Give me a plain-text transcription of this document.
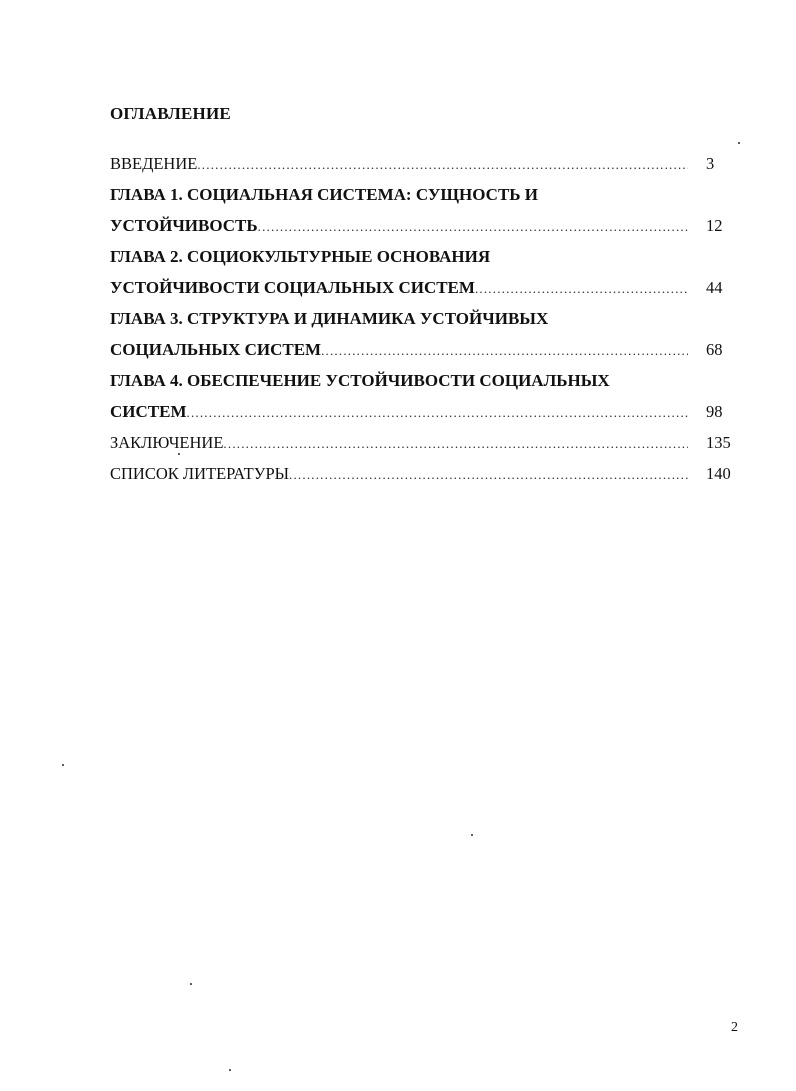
ОГЛАВЛЕНИЕ
ВВЕДЕНИЕ .....	3
ГЛАВА 1. СОЦИАЛЬНАЯ СИСТЕМА: СУЩНОСТЬ И
УСТОЙЧИВОСТЬ .....	12
ГЛАВА 2. СОЦИОКУЛЬТУРНЫЕ ОСНОВАНИЯ
УСТОЙЧИВОСТИ СОЦИАЛЬНЫХ СИСТЕМ .....	44
ГЛАВА 3. СТРУКТУРА И ДИНАМИКА УСТОЙЧИВЫХ
СОЦИАЛЬНЫХ СИСТЕМ .....	68
ГЛАВА 4. ОБЕСПЕЧЕНИЕ УСТОЙЧИВОСТИ СОЦИАЛЬНЫХ
СИСТЕМ .....	98
ЗАКЛЮЧЕНИЕ .....	135
СПИСОК ЛИТЕРАТУРЫ .....	140
2
